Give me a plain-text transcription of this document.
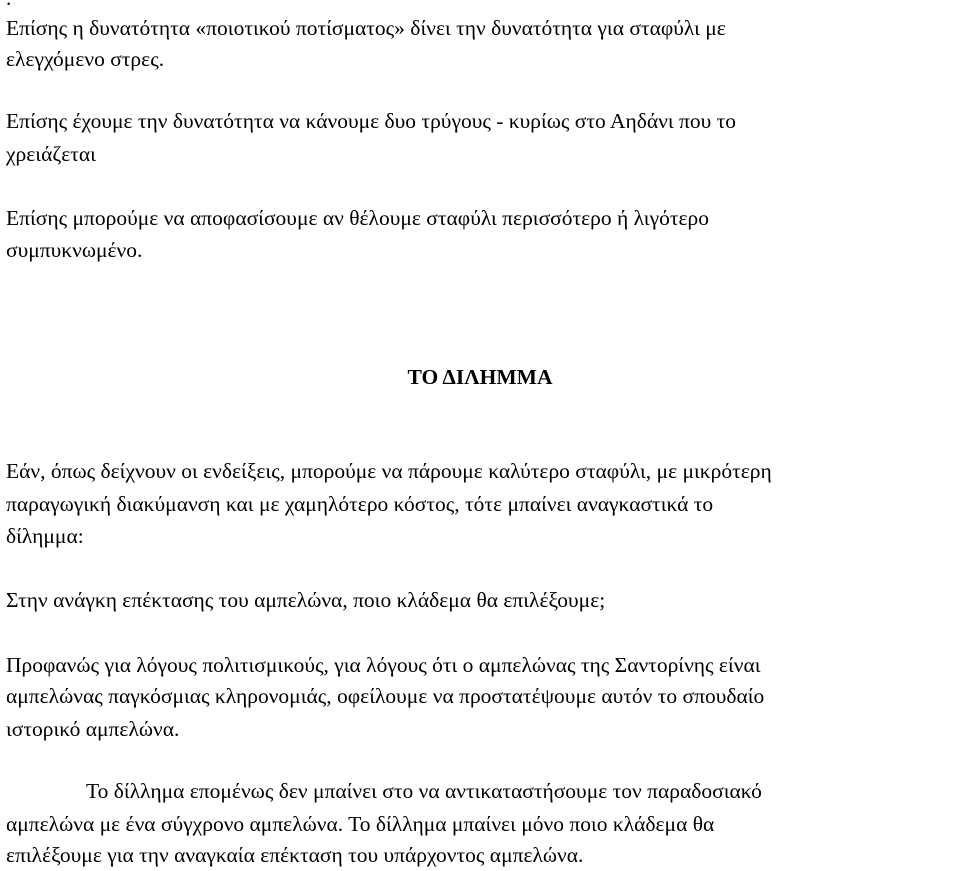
Επίσης η δυνατότητα «ποιοτικού ποτίσματος» δίνει την δυνατότητα για σταφύλι με
ελεγχόμενο στρες.
Επίσης έχουμε την δυνατότητα να κάνουμε δυο τρύγους - κυρίως στο Αηδάνι που το
χρειάζεται
Επίσης μπορούμε να αποφασίσουμε αν θέλουμε σταφύλι περισσότερο ή λιγότερο
συμπυκνωμένο.
ΤΟ ΔΙΛΗΜΜΑ
Εάν, όπως δείχνουν οι ενδείξεις, μπορούμε να πάρουμε καλύτερο σταφύλι, με μικρότερη
παραγωγική διακύμανση και με χαμηλότερο κόστος, τότε μπαίνει αναγκαστικά το
δίλημμα:
Στην ανάγκη επέκτασης του αμπελώνα, ποιο κλάδεμα θα επιλέξουμε;
Προφανώς για λόγους πολιτισμικούς, για λόγους ότι ο αμπελώνας της Σαντορίνης είναι
αμπελώνας παγκόσμιας κληρονομιάς, οφείλουμε να προστατέψουμε αυτόν το σπουδαίο
ιστορικό αμπελώνα.
Το δίλλημα επομένως δεν μπαίνει στο να αντικαταστήσουμε τον παραδοσιακό
αμπελώνα με ένα σύγχρονο αμπελώνα. Το δίλλημα μπαίνει μόνο ποιο κλάδεμα θα
επιλέξουμε για την αναγκαία επέκταση του υπάρχοντος αμπελώνα.
